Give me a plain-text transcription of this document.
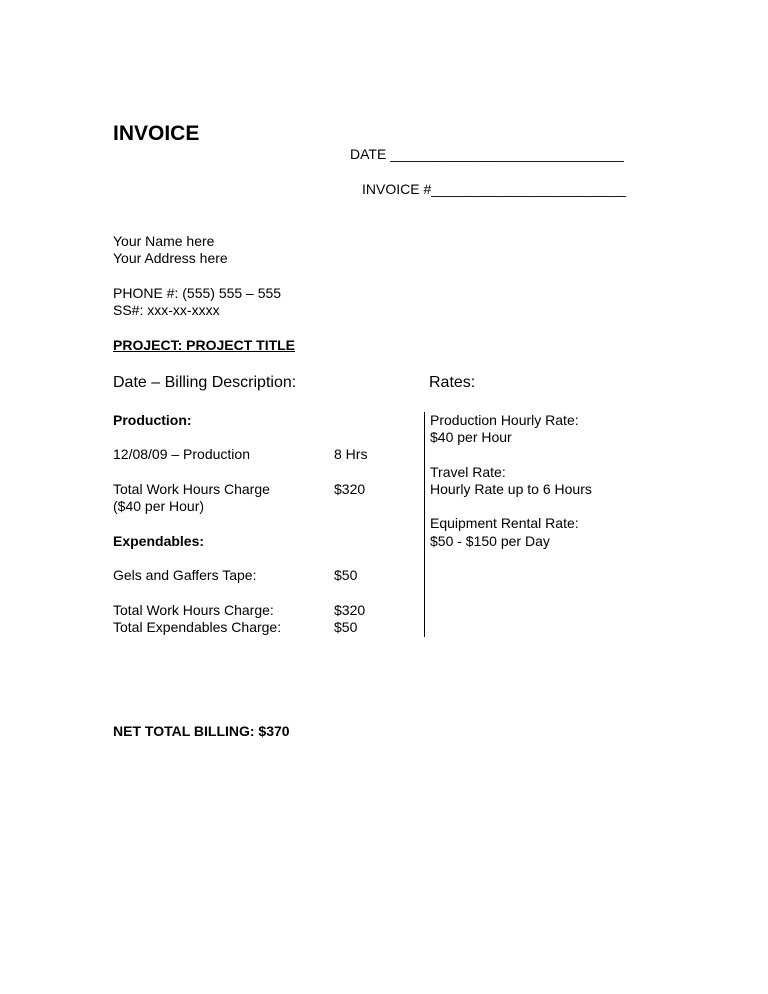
INVOICE
DATE ______________________________
INVOICE #_________________________
Your Name here
Your Address here
PHONE #: (555) 555 – 555
SS#: xxx-xx-xxxx
PROJECT: PROJECT TITLE
Date – Billing Description:	Rates:
Production:
12/08/09 – Production	8 Hrs
Total Work Hours Charge	$320
($40 per Hour)
Expendables:
Gels and Gaffers Tape:	$50
Total Work Hours Charge:	$320
Total Expendables Charge:	$50
Production Hourly Rate:
$40 per Hour
Travel Rate:
Hourly Rate up to 6 Hours
Equipment Rental Rate:
$50 - $150 per Day
NET TOTAL BILLING: $370
